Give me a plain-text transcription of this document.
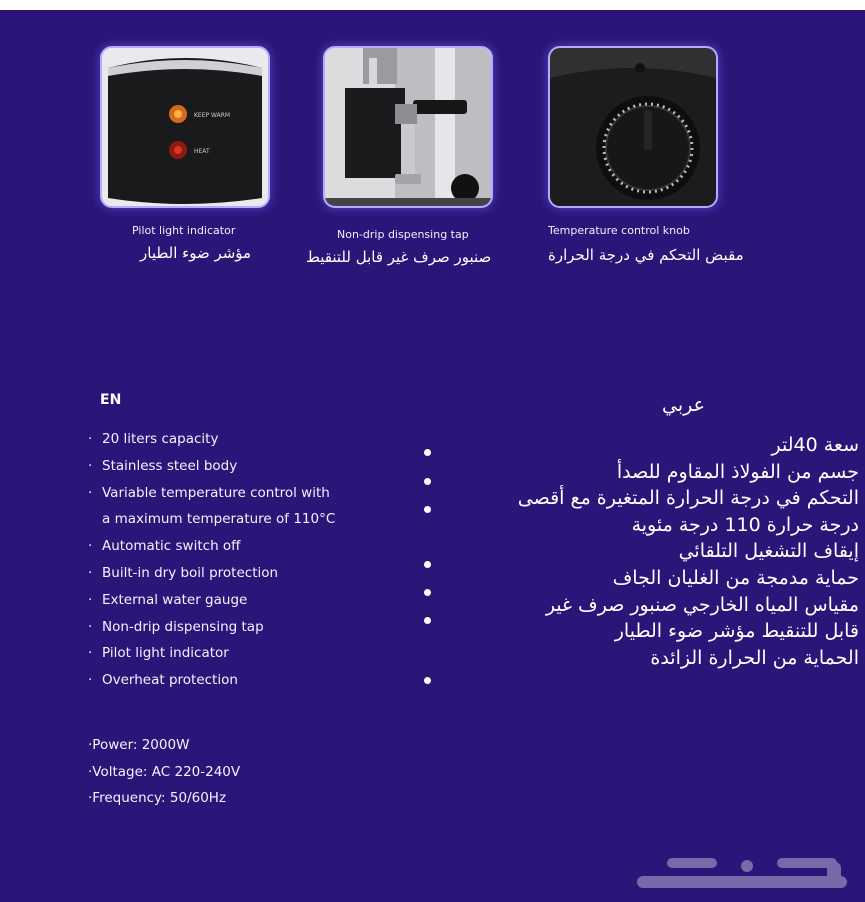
KEEP WARM
HEAT
Pilot light indicator	Non-drip dispensing tap	Temperature control knob
مؤشر ضوء الطيار	صنبور صرف غير قابل للتنقيط	مقبض التحكم في درجة الحرارة
EN
· 20 liters capacity
· Stainless steel body
· Variable temperature control with
a maximum temperature of 110°C
· Automatic switch off
· Built-in dry boil protection
· External water gauge
· Non-drip dispensing tap
· Pilot light indicator
· Overheat protection
·Power: 2000W
·Voltage: AC 220-240V
·Frequency: 50/60Hz
عربي
سعة 40لتر
جسم من الفولاذ المقاوم للصدأ
التحكم في درجة الحرارة المتغيرة مع أقصى
درجة حرارة 110 درجة مئوية
إيقاف التشغيل التلقائي
حماية مدمجة من الغليان الجاف
مقياس المياه الخارجي صنبور صرف غير
قابل للتنقيط مؤشر ضوء الطيار
الحماية من الحرارة الزائدة
